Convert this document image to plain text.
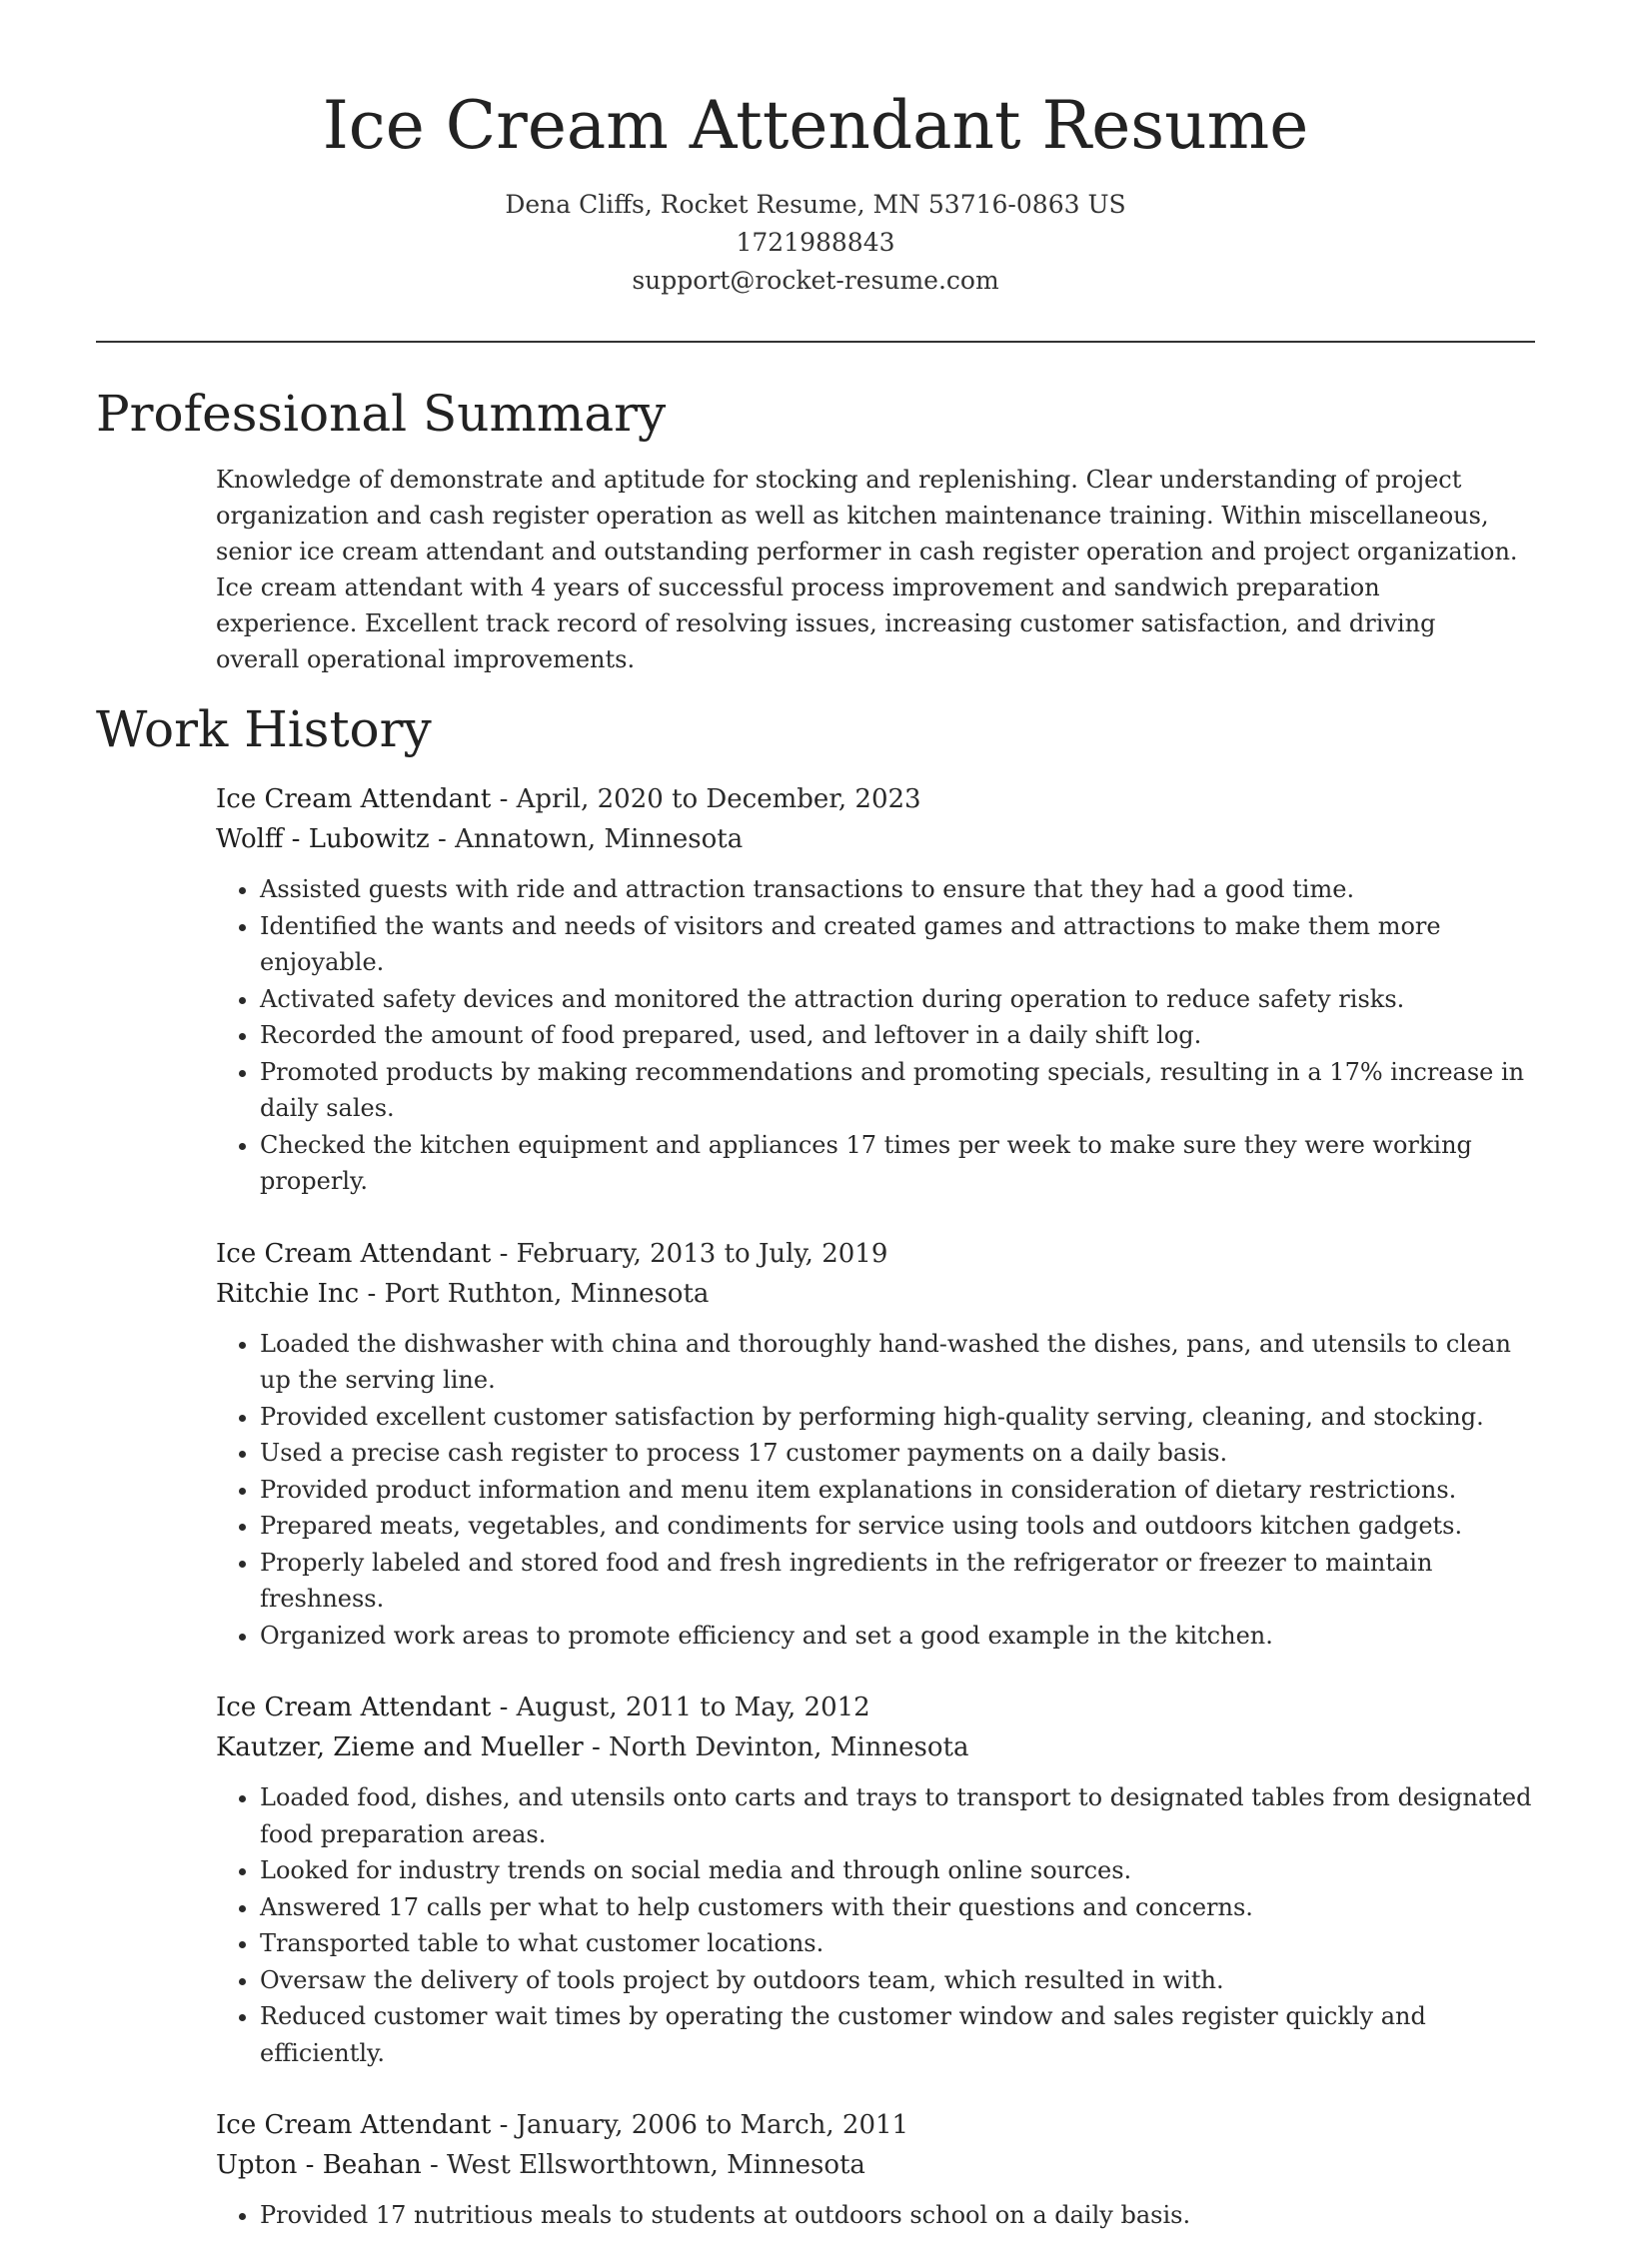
Ice Cream Attendant Resume
Dena Cliffs, Rocket Resume, MN 53716-0863 US
1721988843
support@rocket-resume.com
Professional Summary

Knowledge of demonstrate and aptitude for stocking and replenishing. Clear understanding of project organization and cash register operation as well as kitchen maintenance training. Within miscellaneous, senior ice cream attendant and outstanding performer in cash register operation and project organization. Ice cream attendant with 4 years of successful process improvement and sandwich preparation experience. Excellent track record of resolving issues, increasing customer satisfaction, and driving overall operational improvements.

Work History
Ice Cream Attendant - April, 2020 to December, 2023
Wolff - Lubowitz - Annatown, Minnesota
• Assisted guests with ride and attraction transactions to ensure that they had a good time.
• Identified the wants and needs of visitors and created games and attractions to make them more enjoyable.
• Activated safety devices and monitored the attraction during operation to reduce safety risks.
• Recorded the amount of food prepared, used, and leftover in a daily shift log.
• Promoted products by making recommendations and promoting specials, resulting in a 17% increase in daily sales.
• Checked the kitchen equipment and appliances 17 times per week to make sure they were working properly.
Ice Cream Attendant - February, 2013 to July, 2019
Ritchie Inc - Port Ruthton, Minnesota
• Loaded the dishwasher with china and thoroughly hand-washed the dishes, pans, and utensils to clean up the serving line.
• Provided excellent customer satisfaction by performing high-quality serving, cleaning, and stocking.
• Used a precise cash register to process 17 customer payments on a daily basis.
• Provided product information and menu item explanations in consideration of dietary restrictions.
• Prepared meats, vegetables, and condiments for service using tools and outdoors kitchen gadgets.
• Properly labeled and stored food and fresh ingredients in the refrigerator or freezer to maintain freshness.
• Organized work areas to promote efficiency and set a good example in the kitchen.
Ice Cream Attendant - August, 2011 to May, 2012
Kautzer, Zieme and Mueller - North Devinton, Minnesota
• Loaded food, dishes, and utensils onto carts and trays to transport to designated tables from designated food preparation areas.
• Looked for industry trends on social media and through online sources.
• Answered 17 calls per what to help customers with their questions and concerns.
• Transported table to what customer locations.
• Oversaw the delivery of tools project by outdoors team, which resulted in with.
• Reduced customer wait times by operating the customer window and sales register quickly and efficiently.
Ice Cream Attendant - January, 2006 to March, 2011
Upton - Beahan - West Ellsworthtown, Minnesota
• Provided 17 nutritious meals to students at outdoors school on a daily basis.
